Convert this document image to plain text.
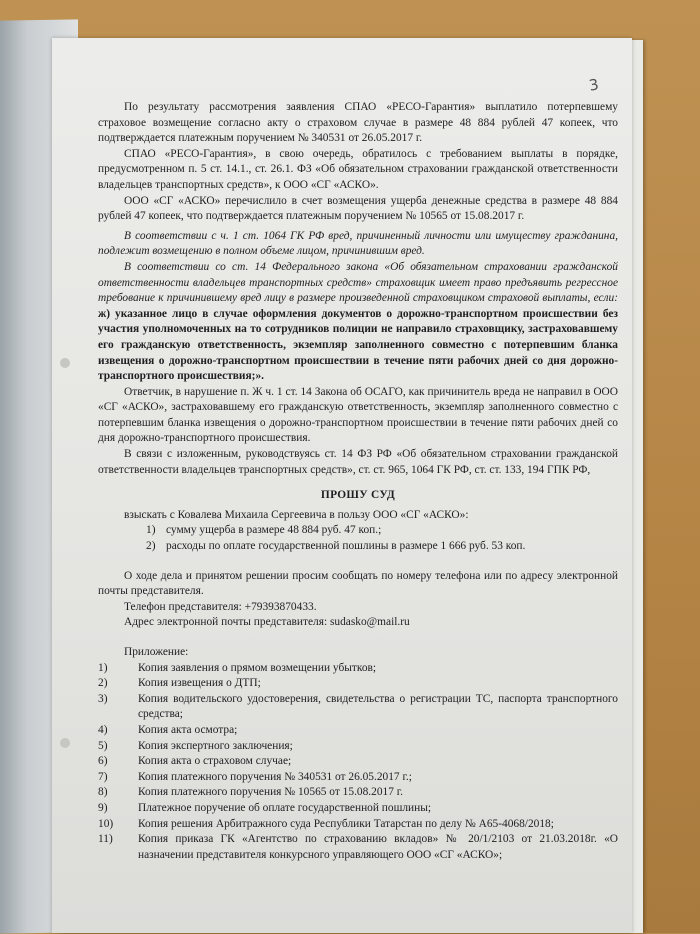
3

По результату рассмотрения заявления СПАО «РЕСО-Гарантия» выплатило потерпевшему страховое возмещение согласно акту о страховом случае в размере 48 884 рублей 47 копеек, что подтверждается платежным поручением № 340531 от 26.05.2017 г.

СПАО «РЕСО-Гарантия», в свою очередь, обратилось с требованием выплаты в порядке, предусмотренном п. 5 ст. 14.1., ст. 26.1. ФЗ «Об обязательном страховании гражданской ответственности владельцев транспортных средств», к ООО «СГ «АСКО».

ООО «СГ «АСКО» перечислило в счет возмещения ущерба денежные средства в размере 48 884 рублей 47 копеек, что подтверждается платежным поручением № 10565 от 15.08.2017 г.

В соответствии с ч. 1 ст. 1064 ГК РФ вред, причиненный личности или имуществу гражданина, подлежит возмещению в полном объеме лицом, причинившим вред.

В соответствии со ст. 14 Федерального закона «Об обязательном страховании гражданской ответственности владельцев транспортных средств» страховщик имеет право предъявить регрессное требование к причинившему вред лицу в размере произведенной страховщиком страховой выплаты, если: ж) указанное лицо в случае оформления документов о дорожно-транспортном происшествии без участия уполномоченных на то сотрудников полиции не направило страховщику, застраховавшему его гражданскую ответственность, экземпляр заполненного совместно с потерпевшим бланка извещения о дорожно-транспортном происшествии в течение пяти рабочих дней со дня дорожно-транспортного происшествия;».

Ответчик, в нарушение п. Ж ч. 1 ст. 14 Закона об ОСАГО, как причинитель вреда не направил в ООО «СГ «АСКО», застраховавшему его гражданскую ответственность, экземпляр заполненного совместно с потерпевшим бланка извещения о дорожно-транспортном происшествии в течение пяти рабочих дней со дня дорожно-транспортного происшествия.

В связи с изложенным, руководствуясь ст. 14 ФЗ РФ «Об обязательном страховании гражданской ответственности владельцев транспортных средств», ст. ст. 965, 1064 ГК РФ, ст. ст. 133, 194 ГПК РФ,

ПРОШУ СУД

взыскать с Ковалева Михаила Сергеевича в пользу ООО «СГ «АСКО»:

1) сумму ущерба в размере 48 884 руб. 47 коп.;
2) расходы по оплате государственной пошлины в размере 1 666 руб. 53 коп.

О ходе дела и принятом решении просим сообщать по номеру телефона или по адресу электронной почты представителя.

Телефон представителя: +79393870433.

Адрес электронной почты представителя: sudasko@mail.ru

Приложение:

1)	Копия заявления о прямом возмещении убытков;
2)	Копия извещения о ДТП;
3)	Копия водительского удостоверения, свидетельства о регистрации ТС, паспорта транспортного средства;
4)	Копия акта осмотра;
5)	Копия экспертного заключения;
6)	Копия акта о страховом случае;
7)	Копия платежного поручения № 340531 от 26.05.2017 г.;
8)	Копия платежного поручения № 10565 от 15.08.2017 г.
9)	Платежное поручение об оплате государственной пошлины;
10)	Копия решения Арбитражного суда Республики Татарстан по делу № А65-4068/2018;
11)	Копия приказа ГК «Агентство по страхованию вкладов» № 20/1/2103 от 21.03.2018г. «О назначении представителя конкурсного управляющего ООО «СГ «АСКО»;
